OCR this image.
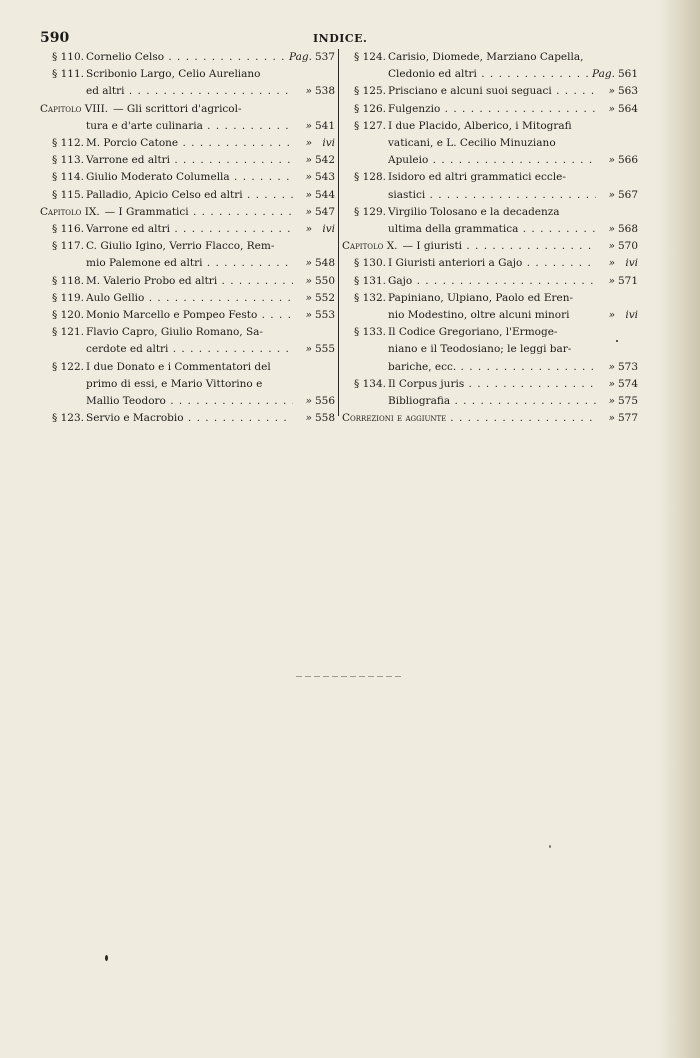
590	INDICE.
§ 110. Cornelio Celso . . .	Pag. 537
§ 111. Scribonio Largo, Celio Aureliano
ed altri . . .	» 538
Capitolo VIII. — Gli scrittori d'agricol-
tura e d'arte culinaria . . .	» 541
§ 112. M. Porcio Catone . . .	» ivi
§ 113. Varrone ed altri . . .	» 542
§ 114. Giulio Moderato Columella . . .	» 543
§ 115. Palladio, Apicio Celso ed altri . . .	» 544
Capitolo IX. — I Grammatici . . .	» 547
§ 116. Varrone ed altri . . .	» ivi
§ 117. C. Giulio Igino, Verrio Flacco, Rem-
mio Palemone ed altri . . .	» 548
§ 118. M. Valerio Probo ed altri . . .	» 550
§ 119. Aulo Gellio . . .	» 552
§ 120. Monio Marcello e Pompeo Festo . . .	» 553
§ 121. Flavio Capro, Giulio Romano, Sa-
cerdote ed altri . . .	» 555
§ 122. I due Donato e i Commentatori del
primo di essi, e Mario Vittorino e
Mallio Teodoro . . .	» 556
§ 123. Servio e Macrobio . . .	» 558
§ 124. Carisio, Diomede, Marziano Capella,
Cledonio ed altri . . .	Pag. 561
§ 125. Prisciano e alcuni suoi seguaci . . .	» 563
§ 126. Fulgenzio . . .	» 564
§ 127. I due Placido, Alberico, i Mitografi
vaticani, e L. Cecilio Minuziano
Apuleio . . .	» 566
§ 128. Isidoro ed altri grammatici eccle-
siastici . . .	» 567
§ 129. Virgilio Tolosano e la decadenza
ultima della grammatica . . .	» 568
Capitolo X. — I giuristi . . .	» 570
§ 130. I Giuristi anteriori a Gajo . . .	» ivi
§ 131. Gajo . . .	» 571
§ 132. Papiniano, Ulpiano, Paolo ed Eren-
nio Modestino, oltre alcuni minori	» ivi
§ 133. Il Codice Gregoriano, l'Ermoge-
niano e il Teodosiano; le leggi bar-
bariche, ecc. . . .	» 573
§ 134. Il Corpus juris . . .	» 574
Bibliografia . . .	» 575
Correzioni e aggiunte
. . .	» 577
